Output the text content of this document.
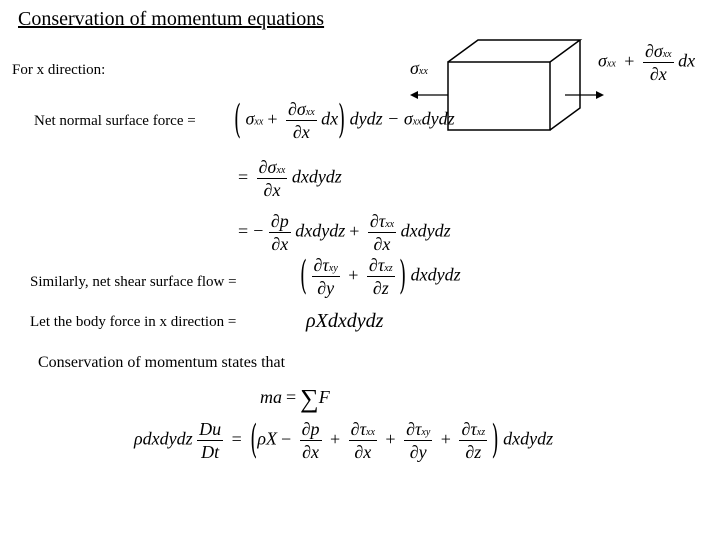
Conservation of momentum equations
For x direction:	σxx
$\sigma xx + \frac{\text{∂σxx}}{\partial x}$ dx
Net normal surface force = ( $\sigma xx + \frac{\text{∂σxx}}{\partial x} dx$) dydz − σxxdydz
= $\frac{\text{∂σxx}}{\partial x}$ dxdydz
= − $\frac{\partial p}{\partial x}$ dxdydz + $\frac{\text{∂τxx}}{\partial x}$ dxdydz
Similarly, net shear surface flow =	( $\frac{\text{∂τxy}}{\partial y} + \frac{\text{∂τxz}}{\partial z}$ ) dxdydz
Let the body force in x direction =	ρXdxdydz
Conservation of momentum states that
ma = ∑F
ρdxdydz $\frac{Du}{Dt} = (\rho X - \frac{\partial p}{\partial x} + \frac{\text{∂τxx}}{\partial x} + \frac{\text{∂τxy}}{\partial y} + \frac{\text{∂τxz}}{\partial z}$ ) dxdydz
